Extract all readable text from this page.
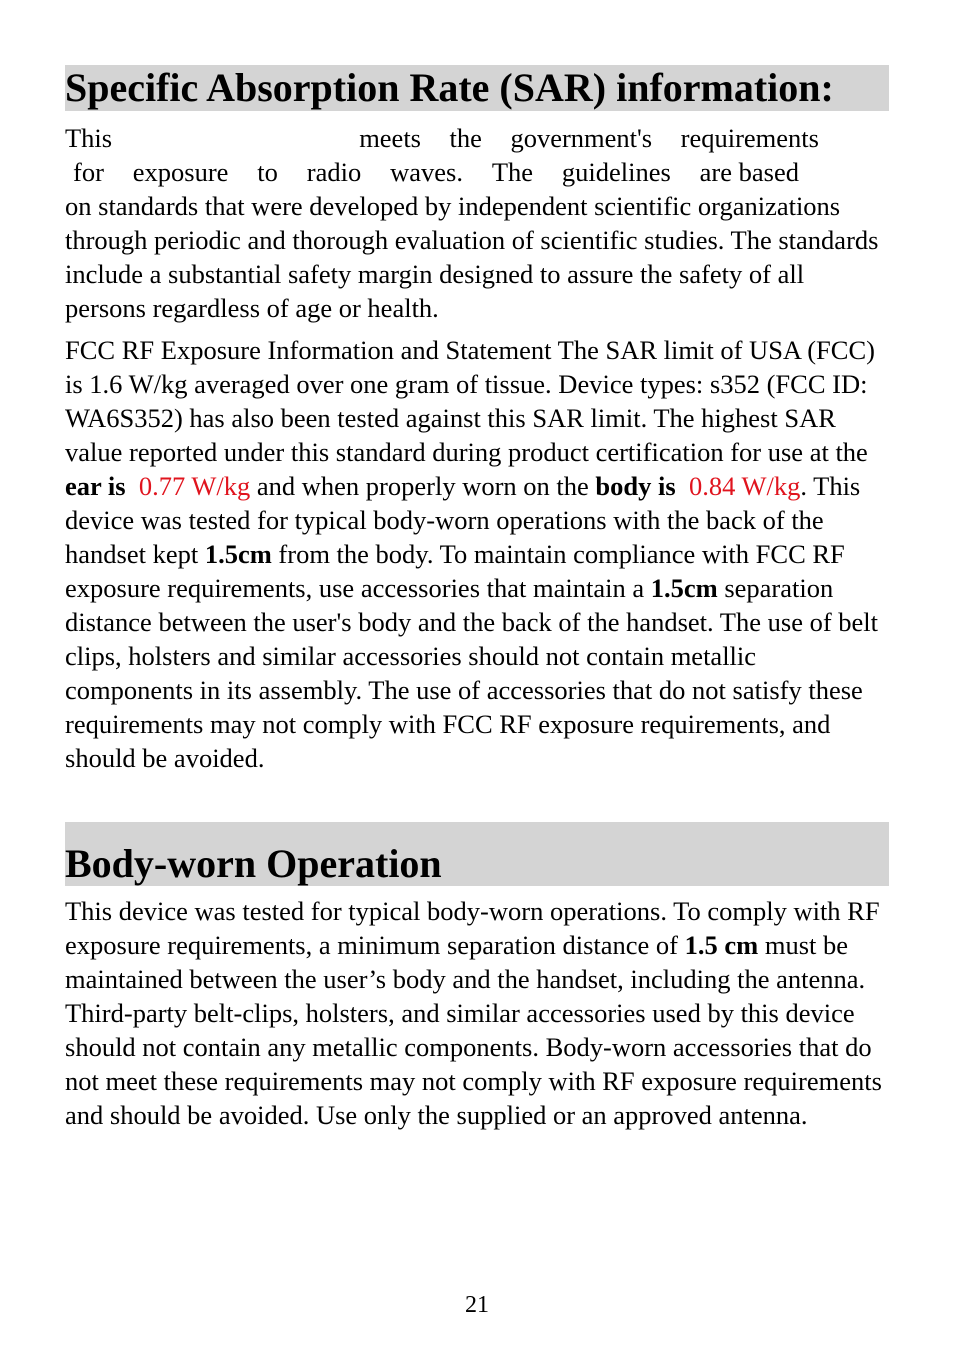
Specific Absorption Rate (SAR) information:
This	meets the government's requirements
for exposure to radio waves. The guidelines are based
on standards that were developed by independent scientific organizations through periodic and thorough evaluation of scientific studies. The standards include a substantial safety margin designed to assure the safety of all persons regardless of age or health.

FCC RF Exposure Information and Statement The SAR limit of USA (FCC) is 1.6 W/kg averaged over one gram of tissue. Device types: s352 (FCC ID: WA6S352) has also been tested against this SAR limit. The highest SAR value reported under this standard during product certification for use at the ear is 0.77 W/kg and when properly worn on the body is 0.84 W/kg. This device was tested for typical body-worn operations with the back of the handset kept 1.5cm from the body. To maintain compliance with FCC RF exposure requirements, use accessories that maintain a 1.5cm separation distance between the user's body and the back of the handset. The use of belt clips, holsters and similar accessories should not contain metallic components in its assembly. The use of accessories that do not satisfy these requirements may not comply with FCC RF exposure requirements, and should be avoided.

Body-worn Operation

This device was tested for typical body-worn operations. To comply with RF exposure requirements, a minimum separation distance of 1.5 cm must be maintained between the user’s body and the handset, including the antenna. Third-party belt-clips, holsters, and similar accessories used by this device should not contain any metallic components. Body-worn accessories that do not meet these requirements may not comply with RF exposure requirements and should be avoided. Use only the supplied or an approved antenna.

21
